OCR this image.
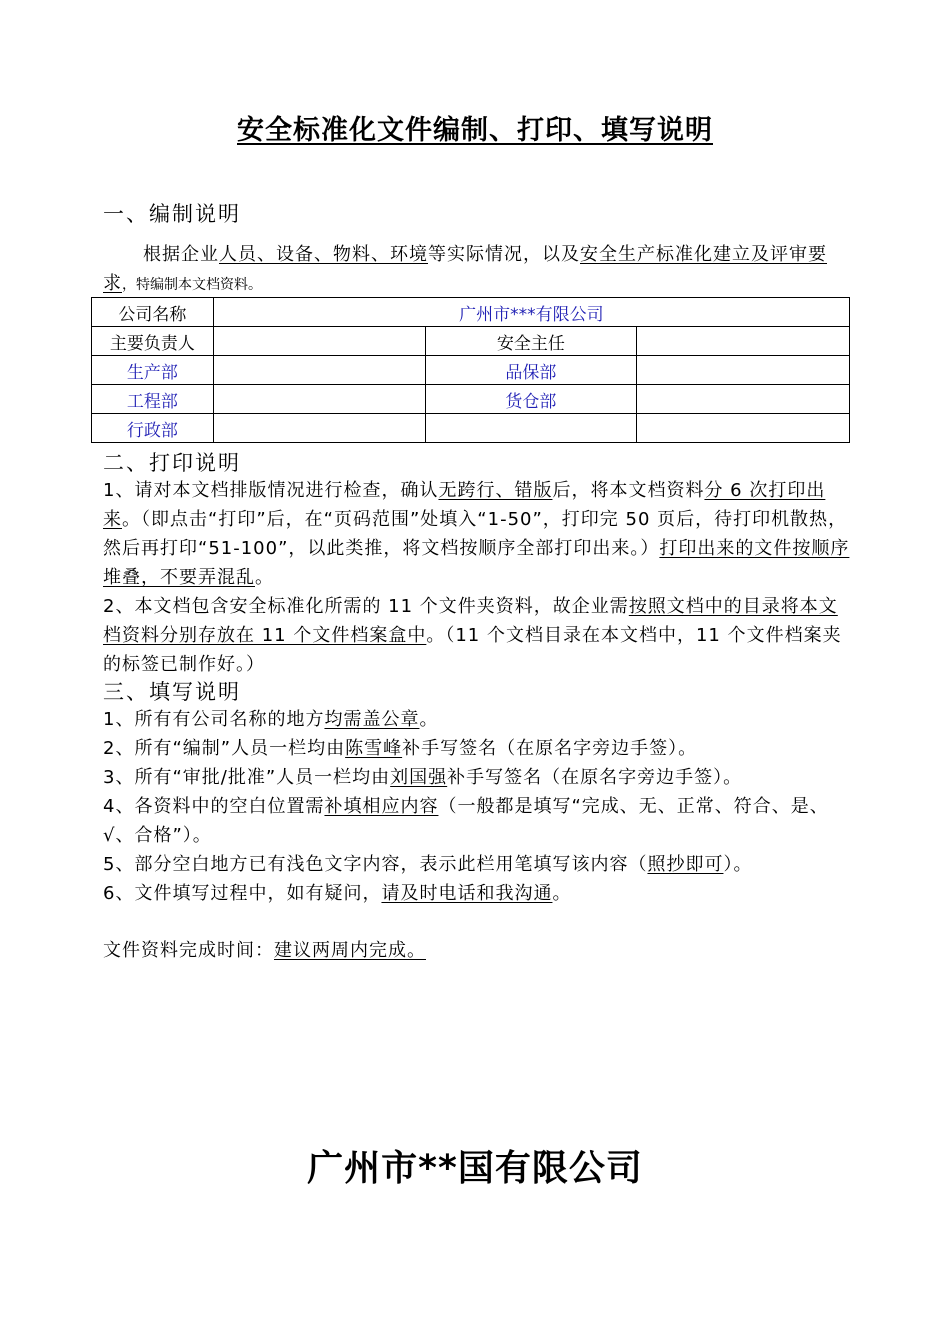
安全标准化文件编制、打印、填写说明
一、编制说明
根据企业人员、设备、物料、环境等实际情况，以及安全生产标准化建立及评审要求，特编制本文档资料。
公司名称	广州市***有限公司		
主要负责人		安全主任	
生产部		品保部	
工程部		货仓部	
行政部			
二、打印说明
1、请对本文档排版情况进行检查，确认无跨行、错版后，将本文档资料分 6 次打印出来。（即点击“打印”后，在“页码范围”处填入“1-50”，打印完 50 页后，待打印机散热，然后再打印“51-100”，以此类推，将文档按顺序全部打印出来。）打印出来的文件按顺序堆叠，不要弄混乱。
2、本文档包含安全标准化所需的 11 个文件夹资料，故企业需按照文档中的目录将本文档资料分别存放在 11 个文件档案盒中。（11 个文档目录在本文档中，11 个文件档案夹的标签已制作好。）
三、填写说明
1、所有有公司名称的地方均需盖公章。
2、所有“编制”人员一栏均由陈雪峰补手写签名（在原名字旁边手签）。
3、所有“审批/批准”人员一栏均由刘国强补手写签名（在原名字旁边手签）。
4、各资料中的空白位置需补填相应内容（一般都是填写“完成、无、正常、符合、是、√、合格”）。
5、部分空白地方已有浅色文字内容，表示此栏用笔填写该内容（照抄即可）。
6、文件填写过程中，如有疑问，请及时电话和我沟通。
文件资料完成时间：建议两周内完成。
广州市**国有限公司
